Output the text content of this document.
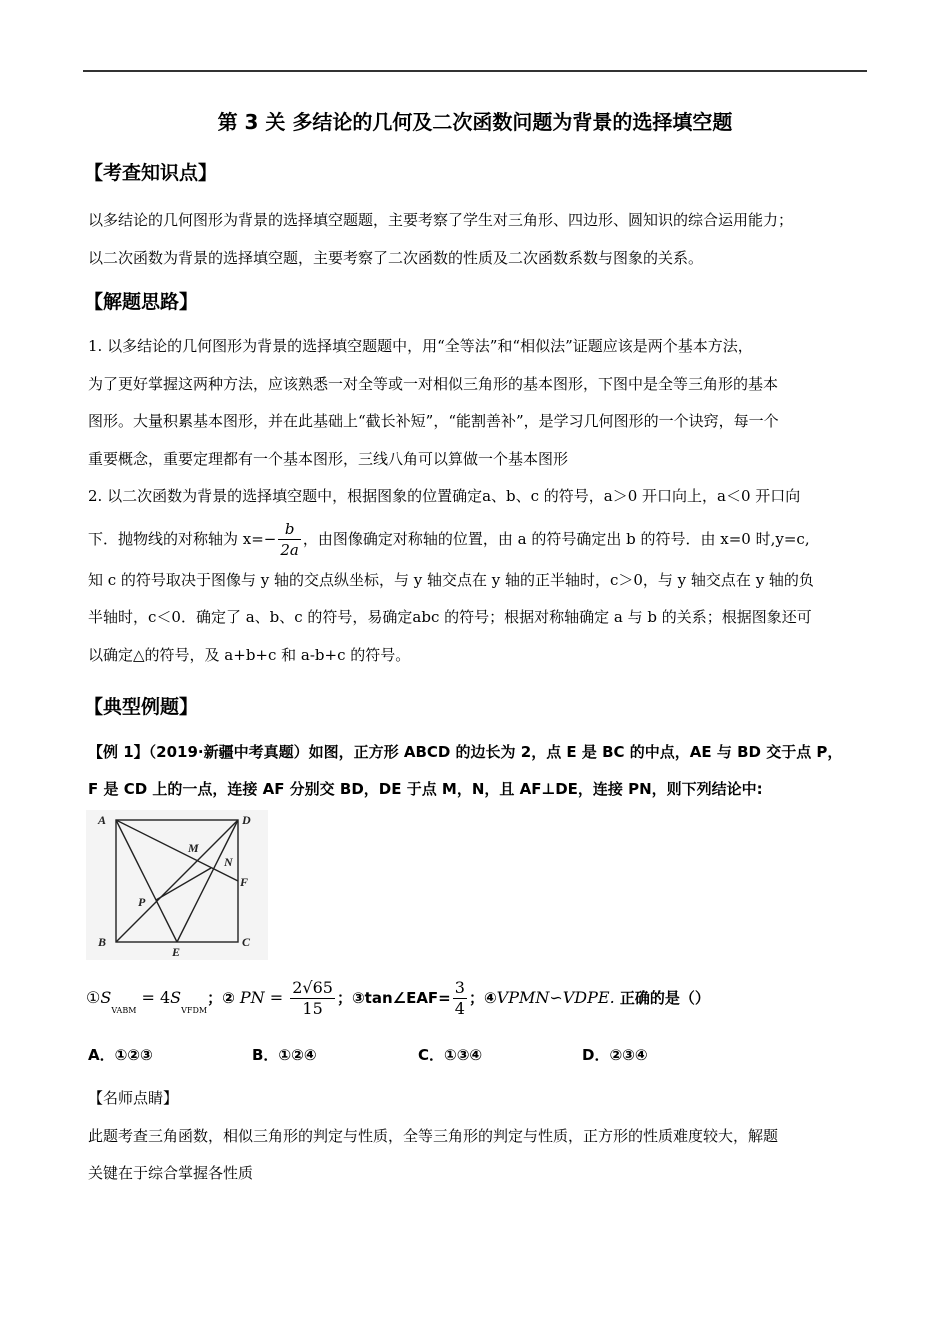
第 3 关 多结论的几何及二次函数问题为背景的选择填空题
【考查知识点】
以多结论的几何图形为背景的选择填空题题，主要考察了学生对三角形、四边形、圆知识的综合运用能力；
以二次函数为背景的选择填空题，主要考察了二次函数的性质及二次函数系数与图象的关系。
【解题思路】
1. 以多结论的几何图形为背景的选择填空题题中，用“全等法”和“相似法”证题应该是两个基本方法，
为了更好掌握这两种方法，应该熟悉一对全等或一对相似三角形的基本图形，下图中是全等三角形的基本
图形。大量积累基本图形，并在此基础上“截长补短”，“能割善补”，是学习几何图形的一个诀窍，每一个
重要概念，重要定理都有一个基本图形，三线八角可以算做一个基本图形
2. 以二次函数为背景的选择填空题中，根据图象的位置确定a、b、c 的符号，a＞0 开口向上，a＜0 开口向
下．抛物线的对称轴为 $x=- \frac{b}{2a}$ ，由图像确定对称轴的位置，由 a 的符号确定出 b 的符号．由 x=0 时,y=c,
知 c 的符号取决于图像与 y 轴的交点纵坐标，与 y 轴交点在 y 轴的正半轴时，c＞0，与 y 轴交点在 y 轴的负
半轴时，c＜0．确定了 a、b、c 的符号，易确定abc 的符号；根据对称轴确定 a 与 b 的关系；根据图象还可
以确定△的符号，及 a+b+c 和 a-b+c 的符号。
【典型例题】
【例 1】（2019·新疆中考真题）如图，正方形 ABCD 的边长为 2，点 E 是 BC 的中点，AE 与 BD 交于点 P，
F 是 CD 上的一点，连接 AF 分别交 BD，DE 于点 M，N，且 AF⊥DE，连接 PN，则下列结论中:
A	D
B	C
E
F
M
N
P
$①S_{VABM} = 4S_{VFDM}$；② PN = $\frac{2√65}{15}$ ；③tan∠EAF= $\frac{3}{4}$ ；④VPMN∽VDPE. 正确的是（）
A．①②③	B．①②④	C．①③④	D．②③④
【名师点睛】
此题考查三角函数，相似三角形的判定与性质，全等三角形的判定与性质，正方形的性质难度较大，解题
关键在于综合掌握各性质
